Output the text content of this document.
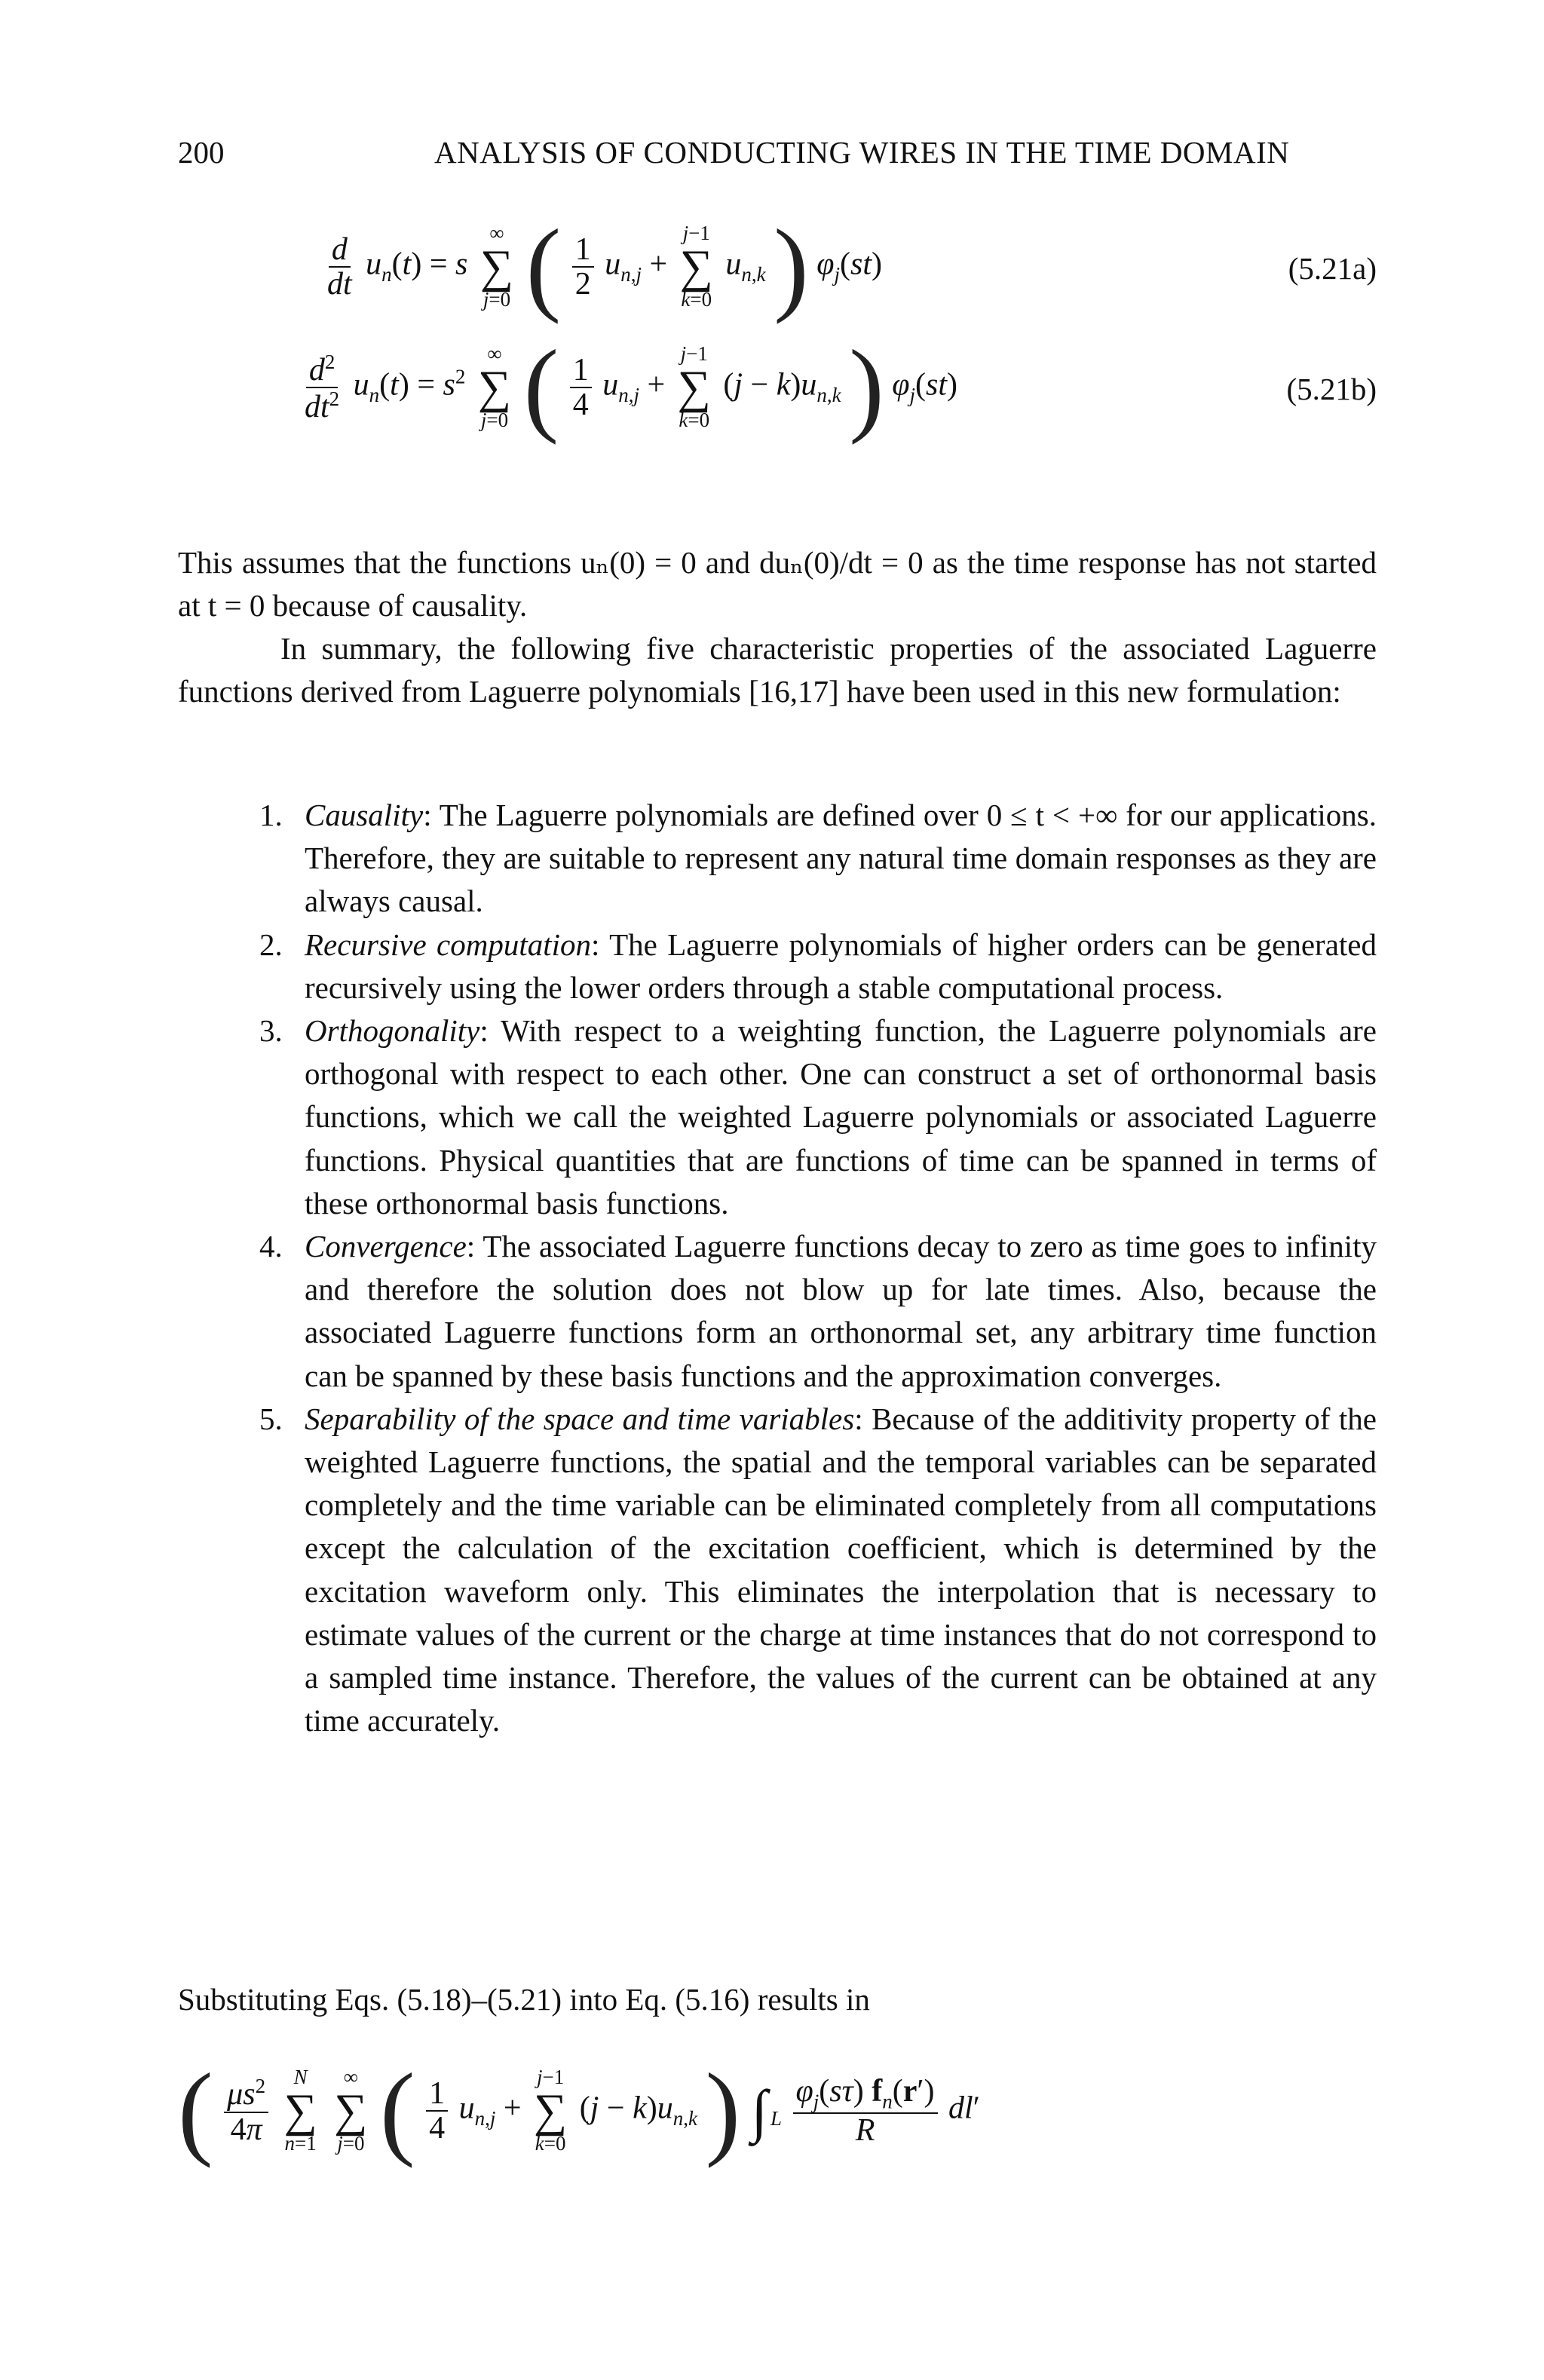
200	ANALYSIS OF CONDUCTING WIRES IN THE TIME DOMAIN
$\frac{d}{dt} u_n(t) = s$
∞
∑
j=0 ( $\frac{1}{2} u_{n,j}$ +
j−1
∑
k=0
$u_{n,k}$ ) $\varphi_j(st)$	(5.21a)
$\frac{d^2}{dt^2} u_n(t) = s^2$
∞
∑
j=0 ( $\frac{1}{4} u_{n,j}$ +
j−1
∑
k=0
$(j - k)u_{n,k}$ ) $\varphi_j(st)$	(5.21b)

This assumes that the functions uₙ(0) = 0 and duₙ(0)/dt = 0 as the time response has not started at t = 0 because of causality.

In summary, the following five characteristic properties of the associated Laguerre functions derived from Laguerre polynomials [16,17] have been used in this new formulation:

1. Causality: The Laguerre polynomials are defined over 0 ≤ t < +∞ for our applications. Therefore, they are suitable to represent any natural time domain responses as they are always causal.
2. Recursive computation: The Laguerre polynomials of higher orders can be generated recursively using the lower orders through a stable computational process.
3. Orthogonality: With respect to a weighting function, the Laguerre polynomials are orthogonal with respect to each other. One can construct a set of orthonormal basis functions, which we call the weighted Laguerre polynomials or associated Laguerre functions. Physical quantities that are functions of time can be spanned in terms of these orthonormal basis functions.
4. Convergence: The associated Laguerre functions decay to zero as time goes to infinity and therefore the solution does not blow up for late times. Also, because the associated Laguerre functions form an orthonormal set, any arbitrary time function can be spanned by these basis functions and the approximation converges.
5. Separability of the space and time variables: Because of the additivity property of the weighted Laguerre functions, the spatial and the temporal variables can be separated completely and the time variable can be eliminated completely from all computations except the calculation of the excitation coefficient, which is determined by the excitation waveform only. This eliminates the interpolation that is necessary to estimate values of the current or the charge at time instances that do not correspond to a sampled time instance. Therefore, the values of the current can be obtained at any time accurately.

Substituting Eqs. (5.18)–(5.21) into Eq. (5.16) results in

( $\frac{\mu s^2}{4\pi}$
N
∑
n=1

∞
∑
j=0 ( $\frac{1}{4} u_{n,j}$ +
j−1
∑
k=0
$(j - k)u_{n,k}$ ) ∫ $_L \frac{\varphi_j(s\tau) f_n(r')}{R} dl'$
